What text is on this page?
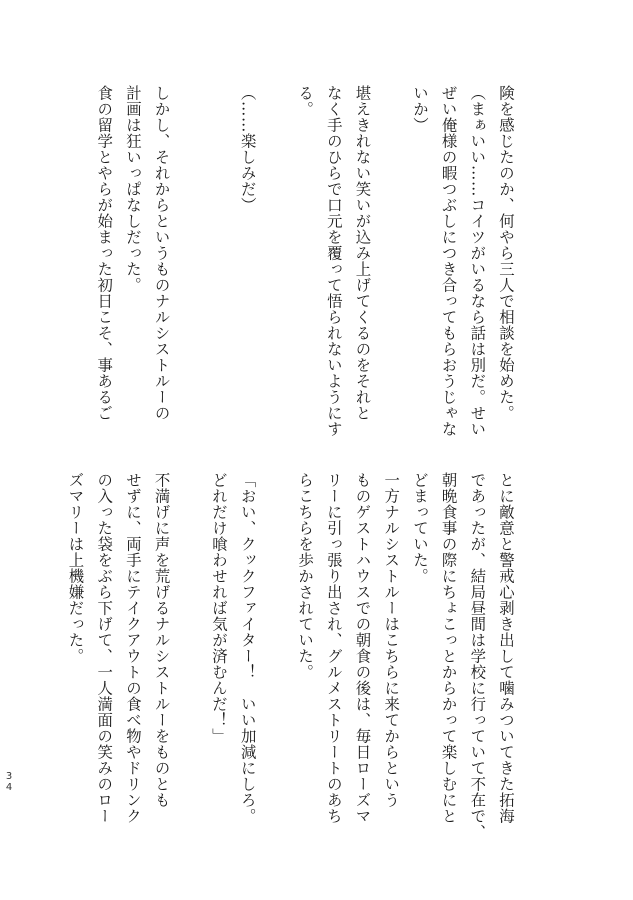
険を感じたのか、何やら三人で相談を始めた。
（まぁいい……コイツがいるなら話は別だ。せい
ぜい俺様の暇つぶしにつき合ってもらおうじゃな
いか）
堪えきれない笑いが込み上げてくるのをそれと
なく手のひらで口元を覆って悟られないようにす
る。
（……楽しみだ）
しかし、それからというものナルシストルーの
計画は狂いっぱなしだった。
食の留学とやらが始まった初日こそ、事あるご
とに敵意と警戒心剥き出して噛みついてきた拓海
であったが、結局昼間は学校に行っていて不在で、
朝晩食事の際にちょこっとからかって楽しむにと
どまっていた。
一方ナルシストルーはこちらに来てからという
ものゲストハウスでの朝食の後は、毎日ローズマ
リーに引っ張り出され、グルメストリートのあち
らこちらを歩かされていた。
「おい、クックファイター！　いい加減にしろ。
どれだけ喰わせれば気が済むんだ！」
不満げに声を荒げるナルシストルーをものとも
せずに、両手にテイクアウトの食べ物やドリンク
の入った袋をぶら下げて、一人満面の笑みのロー
ズマリーは上機嫌だった。
3
4
